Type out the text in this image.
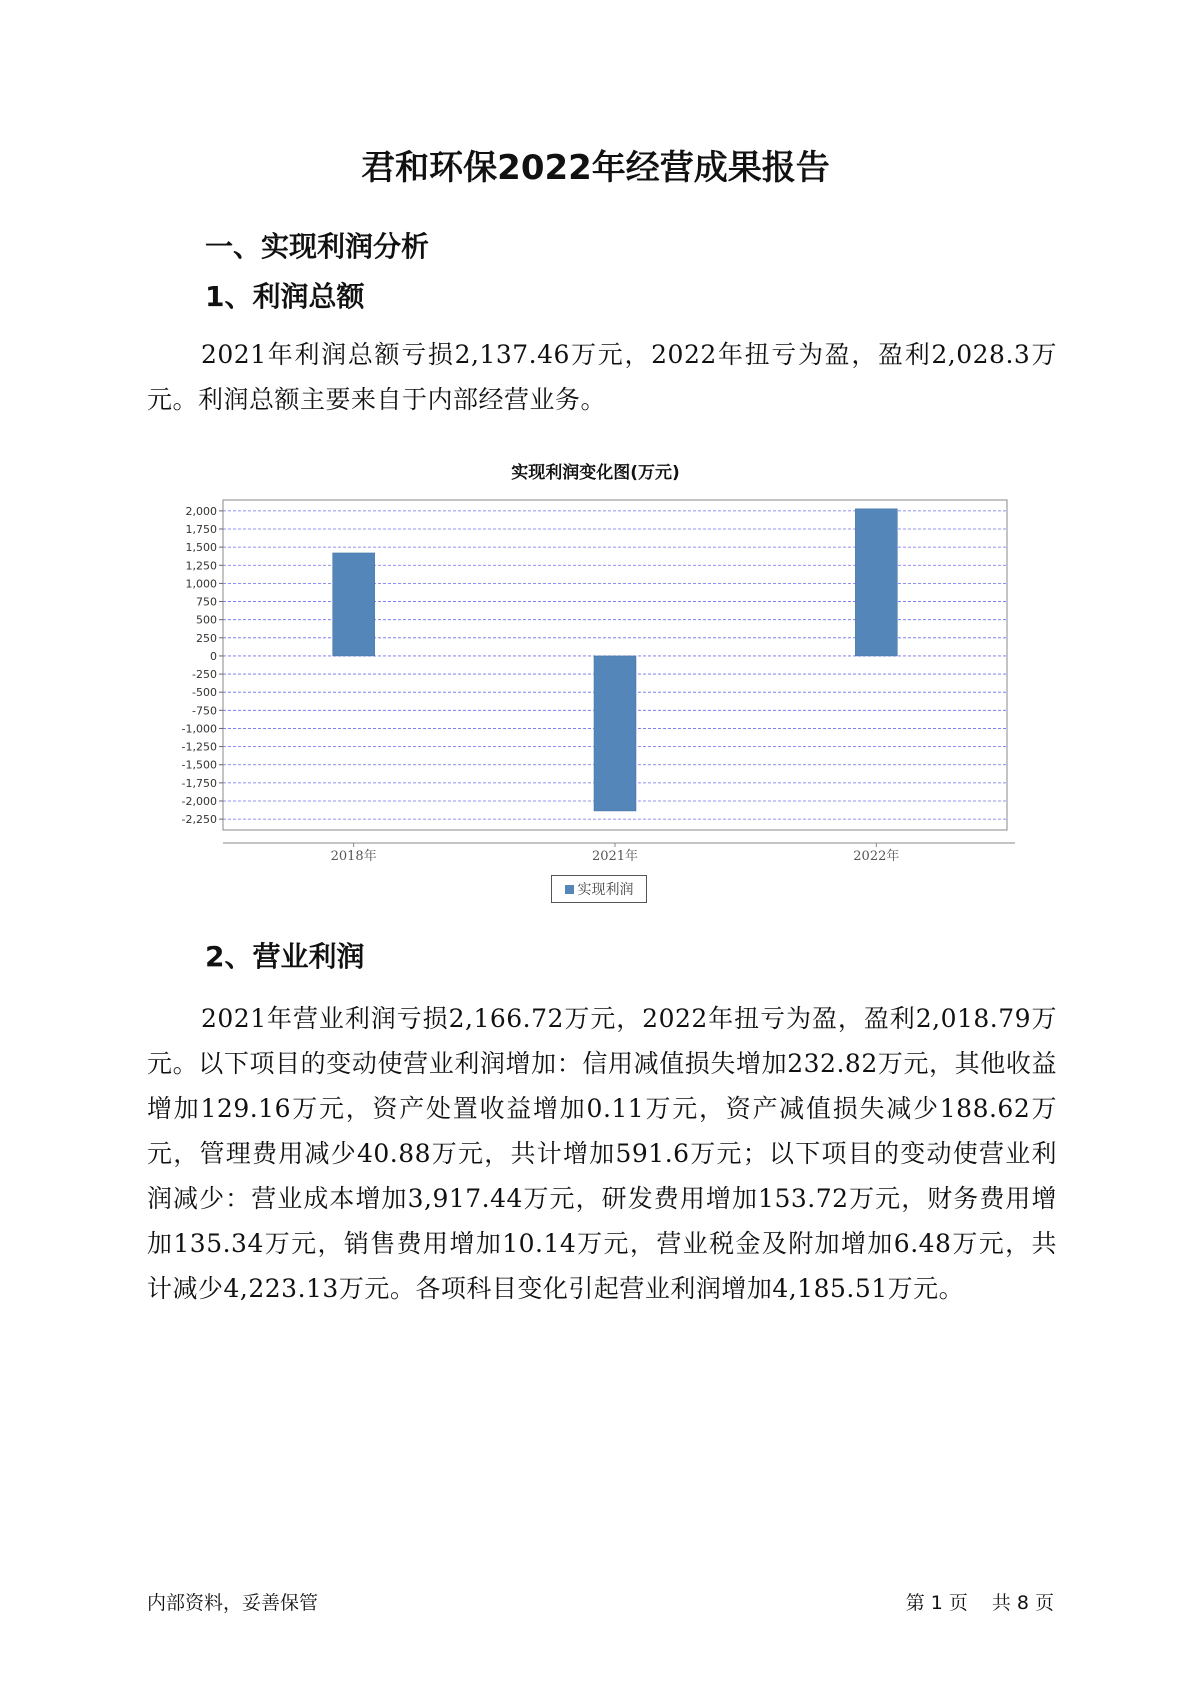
君和环保2022年经营成果报告
一、实现利润分析
1、利润总额

2021年利润总额亏损2,137.46万元，2022年扭亏为盈，盈利2,028.3万元。利润总额主要来自于内部经营业务。

实现利润变化图(万元)
2,000
1,750
1,500
1,250
1,000
750
500
250
0
-250
-500
-750
-1,000
-1,250
-1,500
-1,750
-2,000
-2,250
2018年	2021年	2022年
实现利润
2、营业利润

2021年营业利润亏损2,166.72万元，2022年扭亏为盈，盈利2,018.79万元。以下项目的变动使营业利润增加：信用减值损失增加232.82万元，其他收益增加129.16万元，资产处置收益增加0.11万元，资产减值损失减少188.62万元，管理费用减少40.88万元，共计增加591.6万元；以下项目的变动使营业利润减少：营业成本增加3,917.44万元，研发费用增加153.72万元，财务费用增加135.34万元，销售费用增加10.14万元，营业税金及附加增加6.48万元，共计减少4,223.13万元。各项科目变化引起营业利润增加4,185.51万元。

内部资料，妥善保管	第 1 页 共 8 页
